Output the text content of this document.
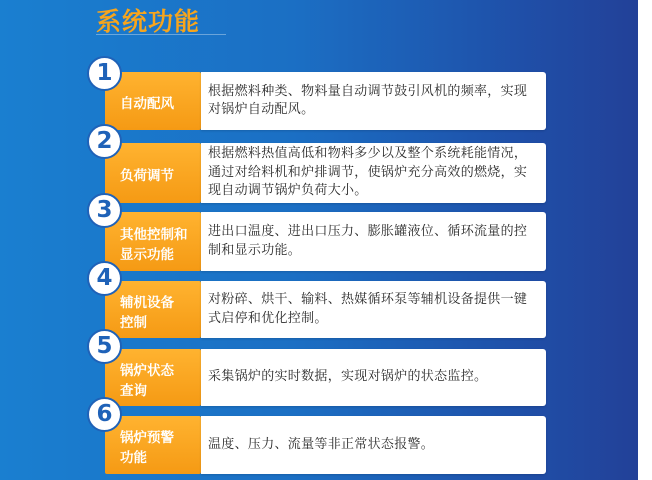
系统功能
自动配风
根据燃料种类、物料量自动调节鼓引风机的频率，实现对锅炉自动配风。
1
负荷调节
根据燃料热值高低和物料多少以及整个系统耗能情况，通过对给料机和炉排调节，使锅炉充分高效的燃烧，实现自动调节锅炉负荷大小。
2
其他控制和
显示功能
进出口温度、进出口压力、膨胀罐液位、循环流量的控制和显示功能。
3
辅机设备
控制
对粉碎、烘干、输料、热媒循环泵等辅机设备提供一键式启停和优化控制。
4
锅炉状态
查询
采集锅炉的实时数据，实现对锅炉的状态监控。
5
锅炉预警
功能
温度、压力、流量等非正常状态报警。
6
